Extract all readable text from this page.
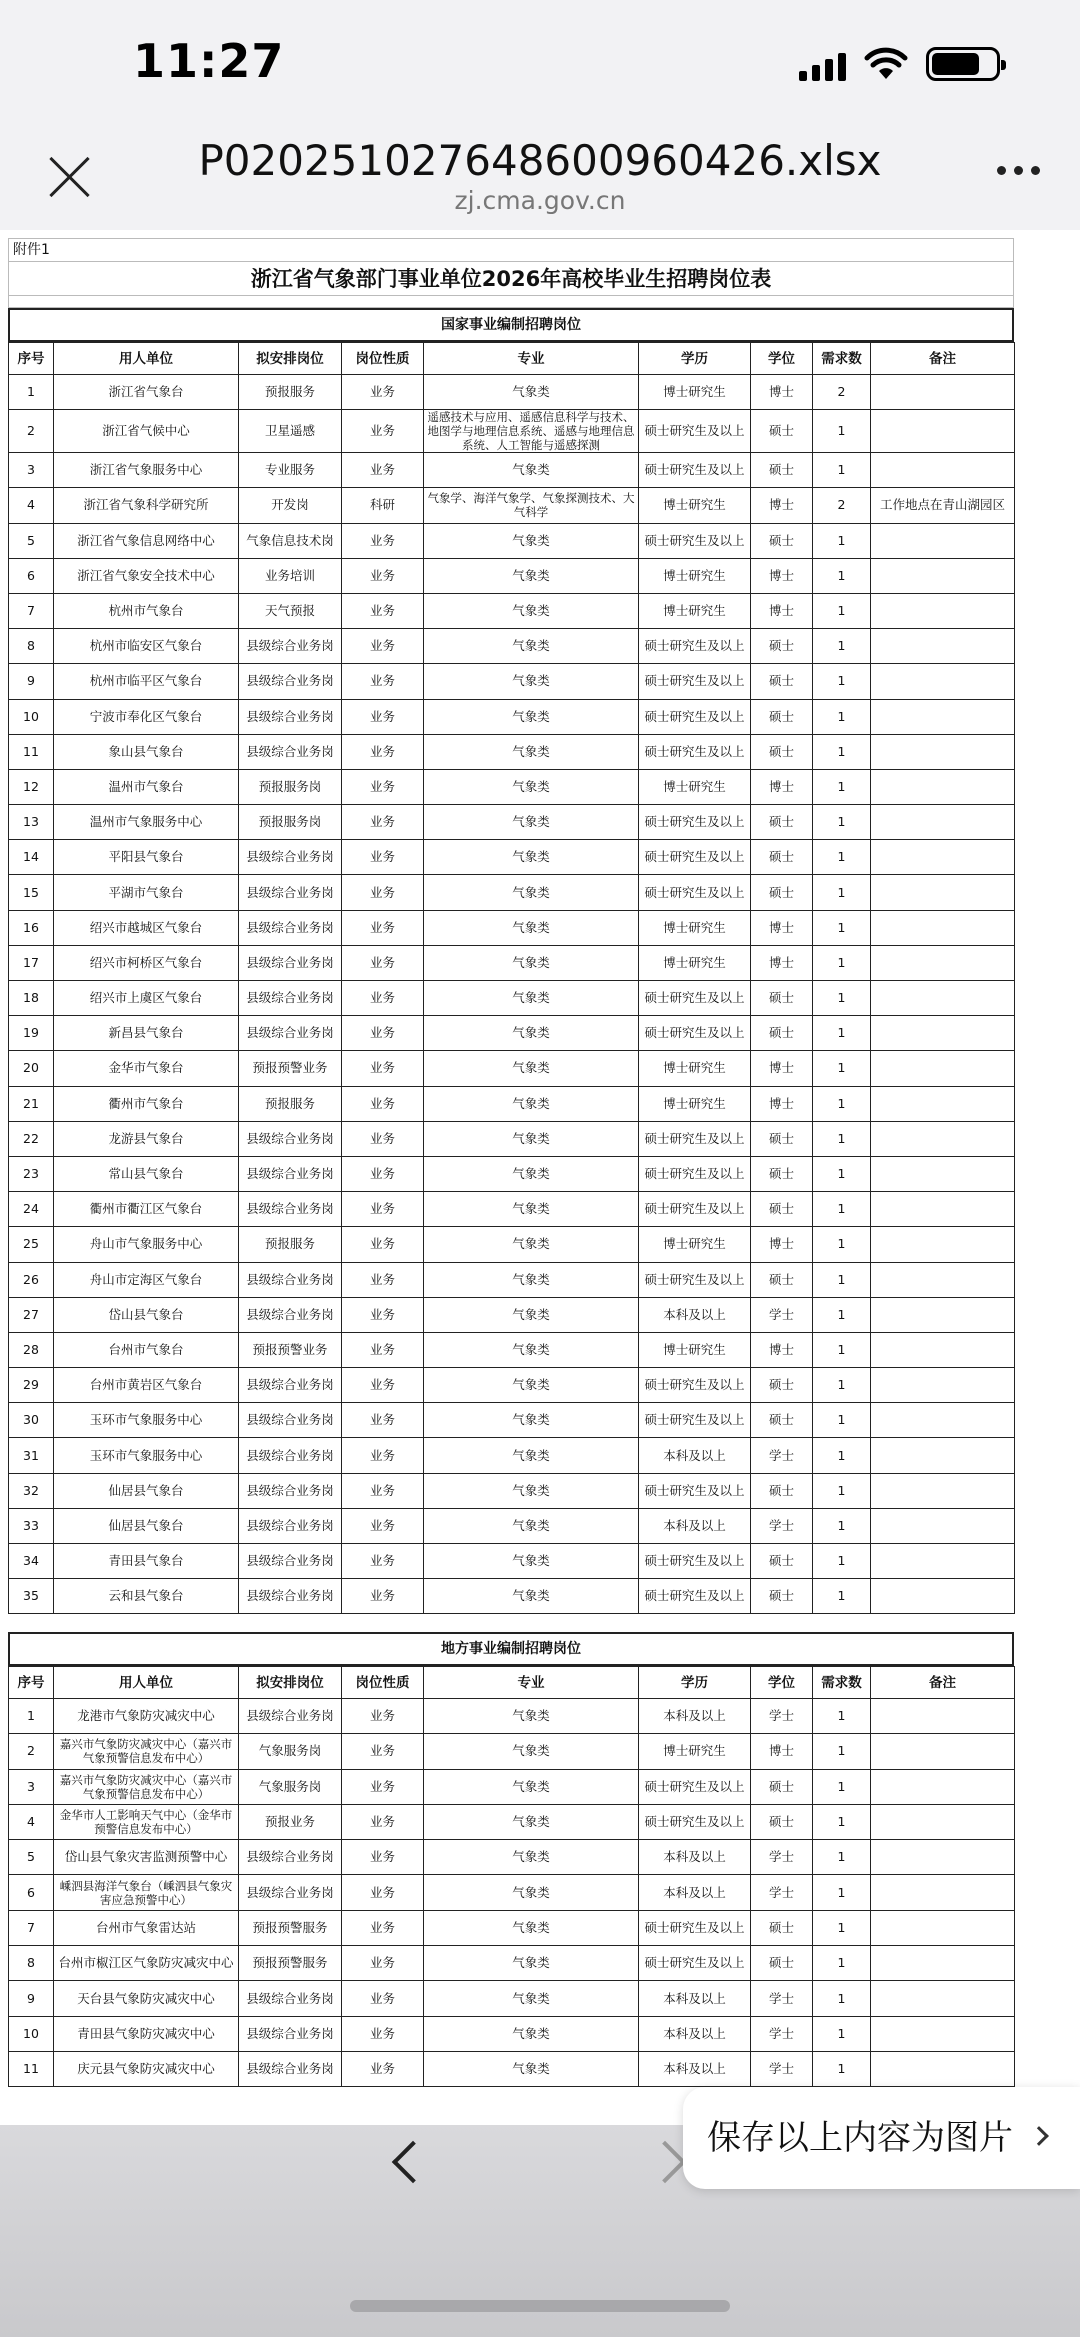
11:27
P020251027648600960426.xlsx
zj.cma.gov.cn
附件1
浙江省气象部门事业单位2026年高校毕业生招聘岗位表
国家事业编制招聘岗位
序号	用人单位	拟安排岗位	岗位性质	专业	学历	学位	需求数	备注
1	浙江省气象台	预报服务	业务	气象类	博士研究生	博士	2	
2	浙江省气候中心	卫星遥感	业务	遥感技术与应用、遥感信息科学与技术、地图学与地理信息系统、遥感与地理信息系统、人工智能与遥感探测	硕士研究生及以上	硕士	1	
3	浙江省气象服务中心	专业服务	业务	气象类	硕士研究生及以上	硕士	1	
4	浙江省气象科学研究所	开发岗	科研	气象学、海洋气象学、气象探测技术、大气科学	博士研究生	博士	2	工作地点在青山湖园区
5	浙江省气象信息网络中心	气象信息技术岗	业务	气象类	硕士研究生及以上	硕士	1	
6	浙江省气象安全技术中心	业务培训	业务	气象类	博士研究生	博士	1	
7	杭州市气象台	天气预报	业务	气象类	博士研究生	博士	1	
8	杭州市临安区气象台	县级综合业务岗	业务	气象类	硕士研究生及以上	硕士	1	
9	杭州市临平区气象台	县级综合业务岗	业务	气象类	硕士研究生及以上	硕士	1	
10	宁波市奉化区气象台	县级综合业务岗	业务	气象类	硕士研究生及以上	硕士	1	
11	象山县气象台	县级综合业务岗	业务	气象类	硕士研究生及以上	硕士	1	
12	温州市气象台	预报服务岗	业务	气象类	博士研究生	博士	1	
13	温州市气象服务中心	预报服务岗	业务	气象类	硕士研究生及以上	硕士	1	
14	平阳县气象台	县级综合业务岗	业务	气象类	硕士研究生及以上	硕士	1	
15	平湖市气象台	县级综合业务岗	业务	气象类	硕士研究生及以上	硕士	1	
16	绍兴市越城区气象台	县级综合业务岗	业务	气象类	博士研究生	博士	1	
17	绍兴市柯桥区气象台	县级综合业务岗	业务	气象类	博士研究生	博士	1	
18	绍兴市上虞区气象台	县级综合业务岗	业务	气象类	硕士研究生及以上	硕士	1	
19	新昌县气象台	县级综合业务岗	业务	气象类	硕士研究生及以上	硕士	1	
20	金华市气象台	预报预警业务	业务	气象类	博士研究生	博士	1	
21	衢州市气象台	预报服务	业务	气象类	博士研究生	博士	1	
22	龙游县气象台	县级综合业务岗	业务	气象类	硕士研究生及以上	硕士	1	
23	常山县气象台	县级综合业务岗	业务	气象类	硕士研究生及以上	硕士	1	
24	衢州市衢江区气象台	县级综合业务岗	业务	气象类	硕士研究生及以上	硕士	1	
25	舟山市气象服务中心	预报服务	业务	气象类	博士研究生	博士	1	
26	舟山市定海区气象台	县级综合业务岗	业务	气象类	硕士研究生及以上	硕士	1	
27	岱山县气象台	县级综合业务岗	业务	气象类	本科及以上	学士	1	
28	台州市气象台	预报预警业务	业务	气象类	博士研究生	博士	1	
29	台州市黄岩区气象台	县级综合业务岗	业务	气象类	硕士研究生及以上	硕士	1	
30	玉环市气象服务中心	县级综合业务岗	业务	气象类	硕士研究生及以上	硕士	1	
31	玉环市气象服务中心	县级综合业务岗	业务	气象类	本科及以上	学士	1	
32	仙居县气象台	县级综合业务岗	业务	气象类	硕士研究生及以上	硕士	1	
33	仙居县气象台	县级综合业务岗	业务	气象类	本科及以上	学士	1	
34	青田县气象台	县级综合业务岗	业务	气象类	硕士研究生及以上	硕士	1	
35	云和县气象台	县级综合业务岗	业务	气象类	硕士研究生及以上	硕士	1	
地方事业编制招聘岗位
序号	用人单位	拟安排岗位	岗位性质	专业	学历	学位	需求数	备注
1	龙港市气象防灾减灾中心	县级综合业务岗	业务	气象类	本科及以上	学士	1	
2	嘉兴市气象防灾减灾中心（嘉兴市气象预警信息发布中心）	气象服务岗	业务	气象类	博士研究生	博士	1	
3	嘉兴市气象防灾减灾中心（嘉兴市气象预警信息发布中心）	气象服务岗	业务	气象类	硕士研究生及以上	硕士	1	
4	金华市人工影响天气中心（金华市预警信息发布中心）	预报业务	业务	气象类	硕士研究生及以上	硕士	1	
5	岱山县气象灾害监测预警中心	县级综合业务岗	业务	气象类	本科及以上	学士	1	
6	嵊泗县海洋气象台（嵊泗县气象灾害应急预警中心）	县级综合业务岗	业务	气象类	本科及以上	学士	1	
7	台州市气象雷达站	预报预警服务	业务	气象类	硕士研究生及以上	硕士	1	
8	台州市椒江区气象防灾减灾中心	预报预警服务	业务	气象类	硕士研究生及以上	硕士	1	
9	天台县气象防灾减灾中心	县级综合业务岗	业务	气象类	本科及以上	学士	1	
10	青田县气象防灾减灾中心	县级综合业务岗	业务	气象类	本科及以上	学士	1	
11	庆元县气象防灾减灾中心	县级综合业务岗	业务	气象类	本科及以上	学士	1	
保存以上内容为图片
